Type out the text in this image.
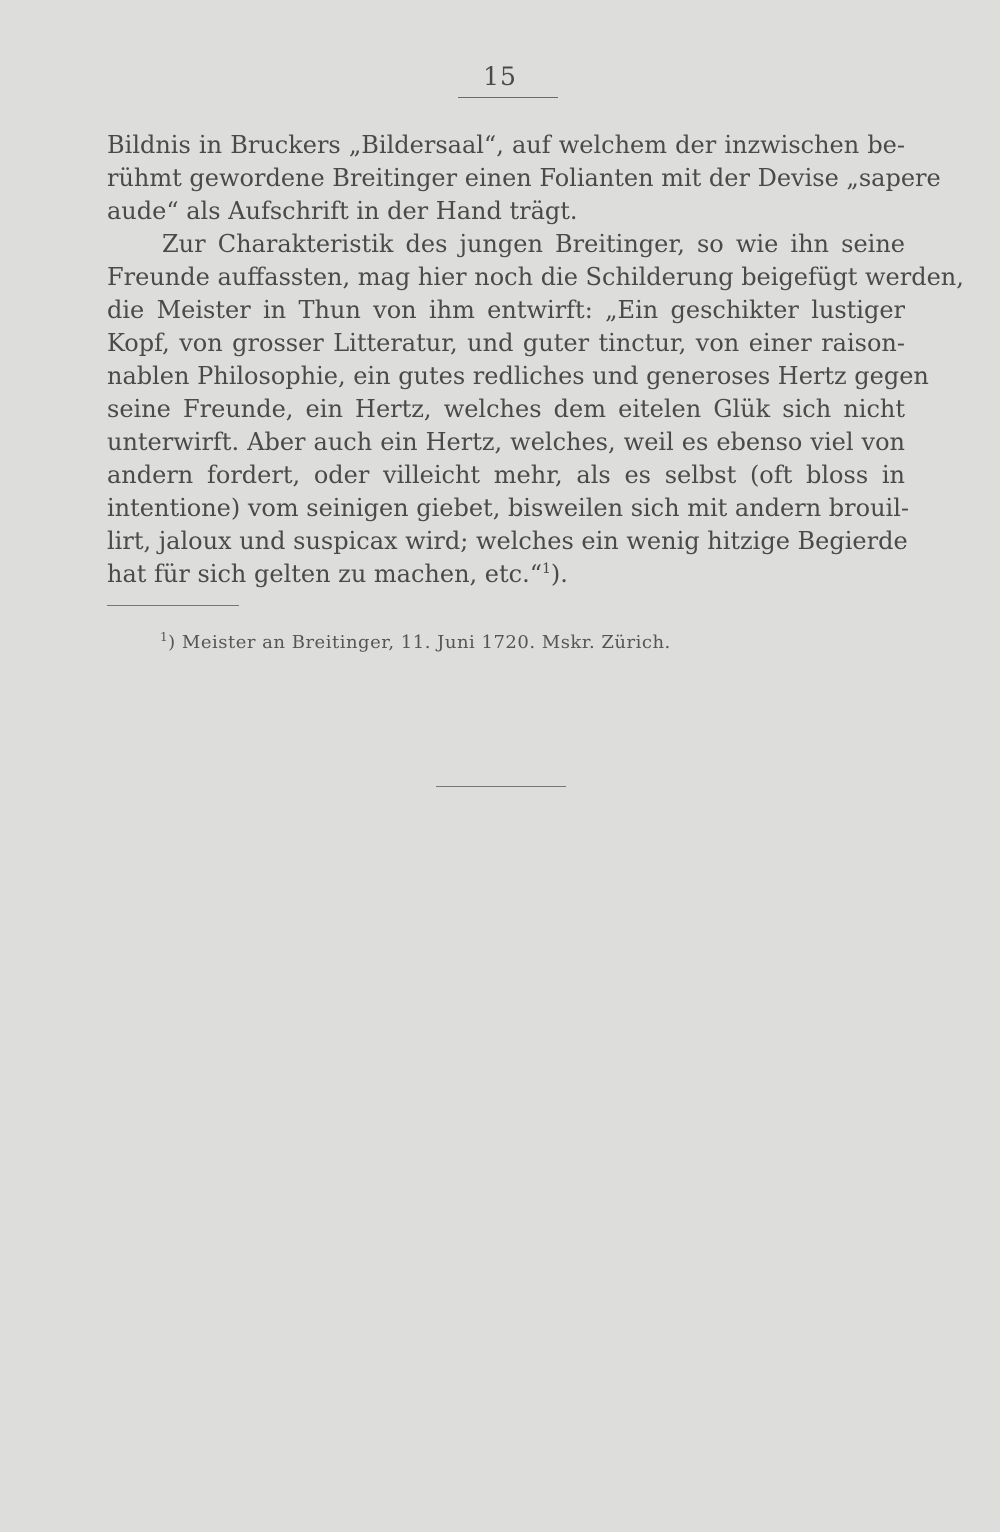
15
Bildnis in Bruckers „Bildersaal“, auf welchem der inzwischen be-
rühmt gewordene Breitinger einen Folianten mit der Devise „sapere
aude“ als Aufschrift in der Hand trägt.
Zur Charakteristik des jungen Breitinger, so wie ihn seine
Freunde auffassten, mag hier noch die Schilderung beigefügt werden,
die Meister in Thun von ihm entwirft: „Ein geschikter lustiger
Kopf, von grosser Litteratur, und guter tinctur, von einer raison-
nablen Philosophie, ein gutes redliches und generoses Hertz gegen
seine Freunde, ein Hertz, welches dem eitelen Glük sich nicht
unterwirft. Aber auch ein Hertz, welches, weil es ebenso viel von
andern fordert, oder villeicht mehr, als es selbst (oft bloss in
intentione) vom seinigen giebet, bisweilen sich mit andern brouil-
lirt, jaloux und suspicax wird; welches ein wenig hitzige Begierde
hat für sich gelten zu machen, etc.“$^1$).
$^1$) Meister an Breitinger, 11. Juni 1720. Mskr. Zürich.
